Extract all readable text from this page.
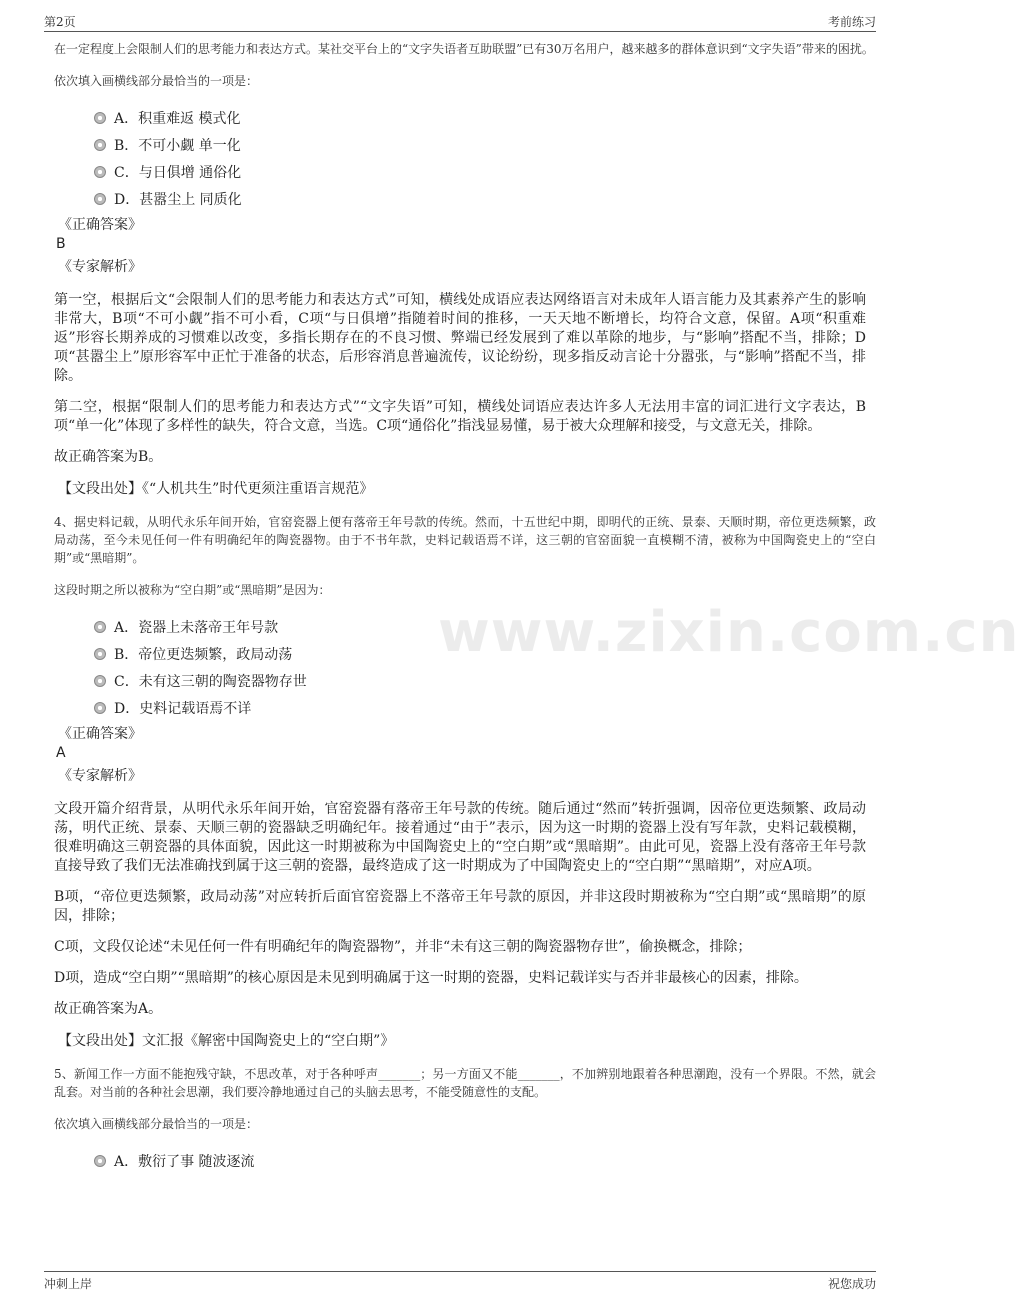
第2页	考前练习
www.zixin.com.cn
在一定程度上会限制人们的思考能力和表达方式。某社交平台上的“文字失语者互助联盟”已有30万名用户，越来越多的群体意识到“文字失语”带来的困扰。
依次填入画横线部分最恰当的一项是：
A．积重难返 模式化
B．不可小觑 单一化
C．与日俱增 通俗化
D．甚嚣尘上 同质化
《正确答案》
B
《专家解析》
第一空，根据后文“会限制人们的思考能力和表达方式”可知，横线处成语应表达网络语言对未成年人语言能力及其素养产生的影响非常大，B项“不可小觑”指不可小看，C项“与日俱增”指随着时间的推移，一天天地不断增长，均符合文意，保留。A项“积重难返”形容长期养成的习惯难以改变，多指长期存在的不良习惯、弊端已经发展到了难以革除的地步，与“影响”搭配不当，排除；D项“甚嚣尘上”原形容军中正忙于准备的状态，后形容消息普遍流传，议论纷纷，现多指反动言论十分嚣张，与“影响”搭配不当，排除。
第二空，根据“限制人们的思考能力和表达方式”“文字失语”可知，横线处词语应表达许多人无法用丰富的词汇进行文字表达，B项“单一化”体现了多样性的缺失，符合文意，当选。C项“通俗化”指浅显易懂，易于被大众理解和接受，与文意无关，排除。
故正确答案为B。
【文段出处】《“人机共生”时代更须注重语言规范》
4、据史料记载，从明代永乐年间开始，官窑瓷器上便有落帝王年号款的传统。然而，十五世纪中期，即明代的正统、景泰、天顺时期，帝位更迭频繁，政局动荡，至今未见任何一件有明确纪年的陶瓷器物。由于不书年款，史料记载语焉不详，这三朝的官窑面貌一直模糊不清，被称为中国陶瓷史上的“空白期”或“黑暗期”。
这段时期之所以被称为“空白期”或“黑暗期”是因为：
A．瓷器上未落帝王年号款
B．帝位更迭频繁，政局动荡
C．未有这三朝的陶瓷器物存世
D．史料记载语焉不详
《正确答案》
A
《专家解析》
文段开篇介绍背景，从明代永乐年间开始，官窑瓷器有落帝王年号款的传统。随后通过“然而”转折强调，因帝位更迭频繁、政局动荡，明代正统、景泰、天顺三朝的瓷器缺乏明确纪年。接着通过“由于”表示，因为这一时期的瓷器上没有写年款，史料记载模糊，很难明确这三朝瓷器的具体面貌，因此这一时期被称为中国陶瓷史上的“空白期”或“黑暗期”。由此可见，瓷器上没有落帝王年号款直接导致了我们无法准确找到属于这三朝的瓷器，最终造成了这一时期成为了中国陶瓷史上的“空白期”“黑暗期”，对应A项。
B项，“帝位更迭频繁，政局动荡”对应转折后面官窑瓷器上不落帝王年号款的原因，并非这段时期被称为“空白期”或“黑暗期”的原因，排除；
C项，文段仅论述“未见任何一件有明确纪年的陶瓷器物”，并非“未有这三朝的陶瓷器物存世”，偷换概念，排除；
D项，造成“空白期”“黑暗期”的核心原因是未见到明确属于这一时期的瓷器，史料记载详实与否并非最核心的因素，排除。
故正确答案为A。
【文段出处】文汇报《解密中国陶瓷史上的“空白期”》
5、新闻工作一方面不能抱残守缺，不思改革，对于各种呼声_______；另一方面又不能_______，不加辨别地跟着各种思潮跑，没有一个界限。不然，就会乱套。对当前的各种社会思潮，我们要冷静地通过自己的头脑去思考，不能受随意性的支配。
依次填入画横线部分最恰当的一项是：
A．敷衍了事 随波逐流
冲刺上岸	祝您成功
